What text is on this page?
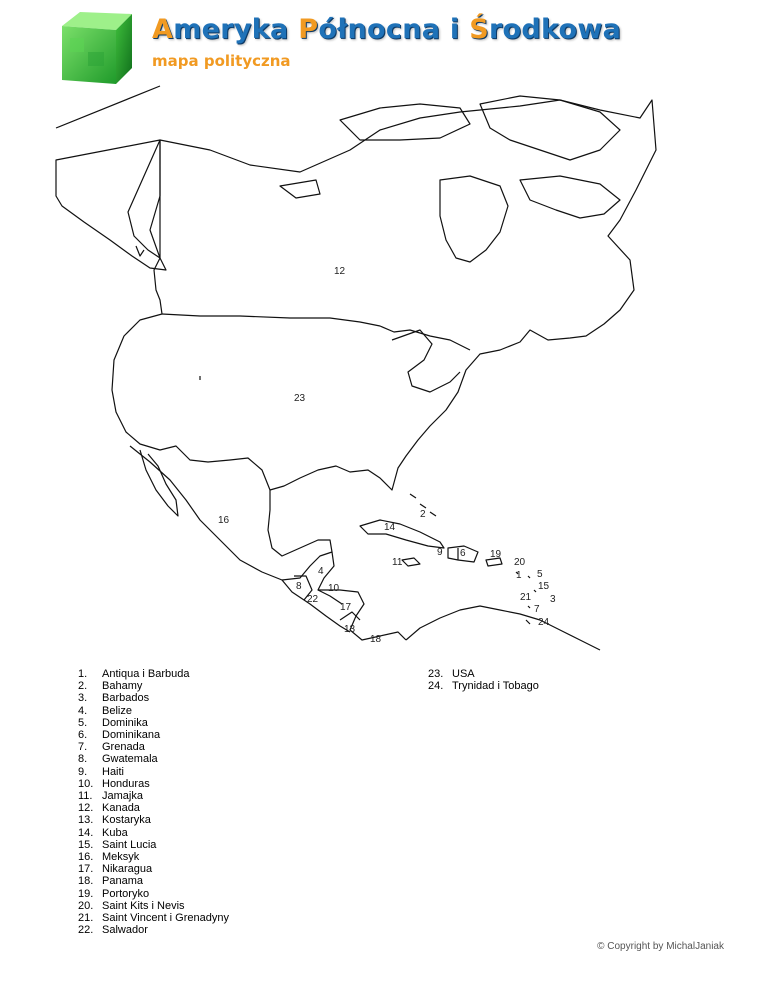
Ameryka Północna i Środkowa
mapa polityczna
12
23
16
14
2
9 6 19
11	20
1 5
15
21 3
7
24
4
8	10
22
17
13
18
1.	Antiqua i Barbuda
2.	Bahamy
3.	Barbados
4.	Belize
5.	Dominika
6.	Dominikana
7.	Grenada
8.	Gwatemala
9.	Haiti
10. Honduras
11. Jamajka
12. Kanada
13. Kostaryka
14. Kuba
15. Saint Lucia
16. Meksyk
17. Nikaragua
18. Panama
19. Portoryko
20. Saint Kits i Nevis
21. Saint Vincent i Grenadyny
22. Salwador
23. USA
24. Trynidad i Tobago
© Copyright by MichalJaniak
